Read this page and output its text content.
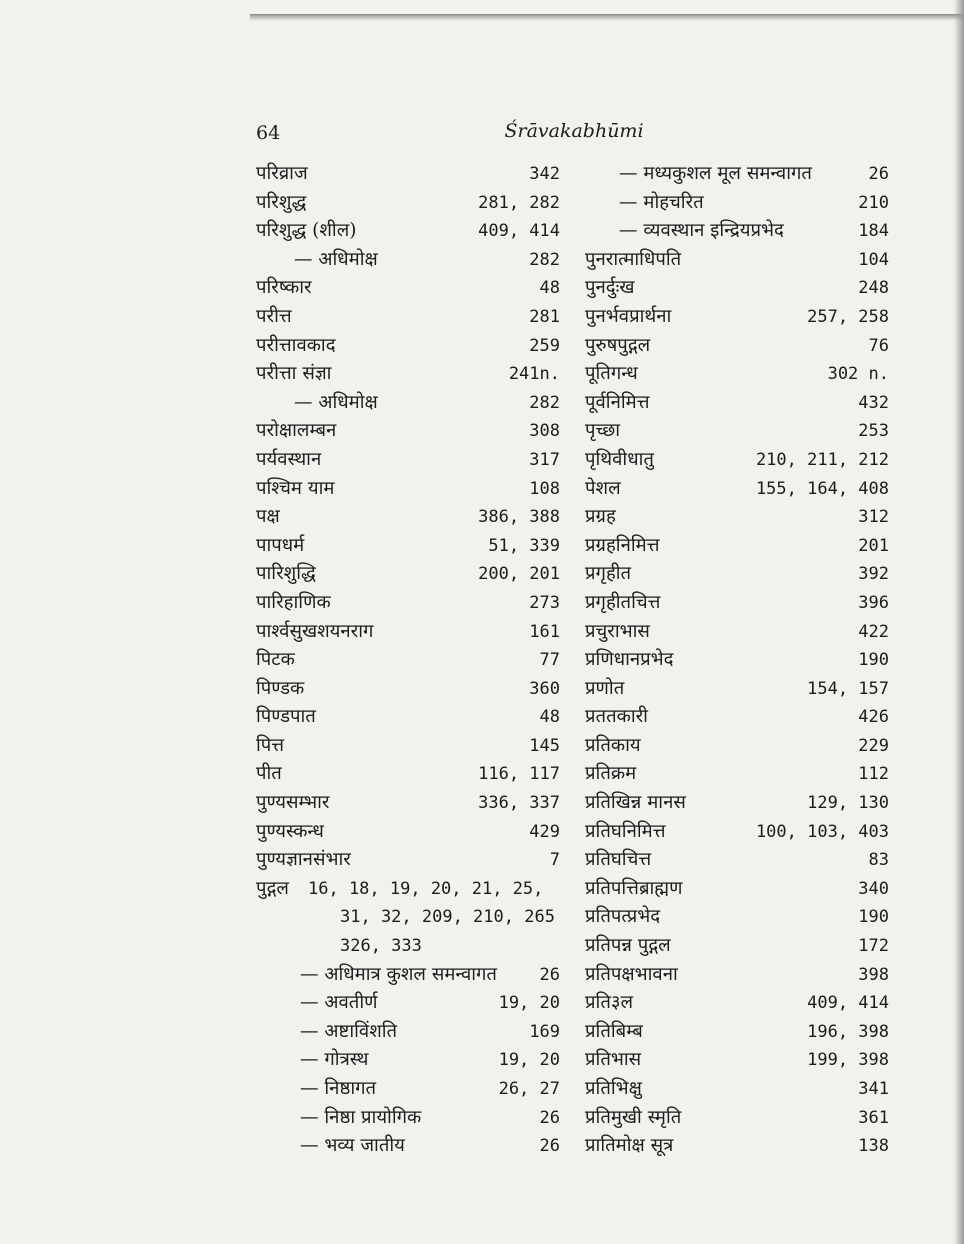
64	Śrāvakabhūmi
परिव्राज	342
परिशुद्ध	281, 282
परिशुद्ध (शील)	409, 414
— अधिमोक्ष	282
परिष्कार	48
परीत्त	281
परीत्तावकाद	259
परीत्ता संज्ञा	241n.
— अधिमोक्ष	282
परोक्षालम्बन	308
पर्यवस्थान	317
पश्चिम याम	108
पक्ष	386, 388
पापधर्म	51, 339
पारिशुद्धि	200, 201
पारिहाणिक	273
पार्श्वसुखशयनराग	161
पिटक	77
पिण्डक	360
पिण्डपात	48
पित्त	145
पीत	116, 117
पुण्यसम्भार	336, 337
पुण्यस्कन्ध	429
पुण्यज्ञानसंभार	7
पुद्गल 16, 18, 19, 20, 21, 25,
31, 32, 209, 210, 265
326, 333
— अधिमात्र कुशल समन्वागत	26
— अवतीर्ण	19, 20
— अष्टाविंशति	169
— गोत्रस्थ	19, 20
— निष्ठागत	26, 27
— निष्ठा प्रायोगिक	26
— भव्य जातीय	26
— मध्यकुशल मूल समन्वागत	26
— मोहचरित	210
— व्यवस्थान इन्द्रियप्रभेद	184
पुनरात्माधिपति	104
पुनर्दुःख	248
पुनर्भवप्रार्थना	257, 258
पुरुषपुद्गल	76
पूतिगन्ध	302 n.
पूर्वनिमित्त	432
पृच्छा	253
पृथिवीधातु	210, 211, 212
पेशल	155, 164, 408
प्रग्रह	312
प्रग्रहनिमित्त	201
प्रगृहीत	392
प्रगृहीतचित्त	396
प्रचुराभास	422
प्रणिधानप्रभेद	190
प्रणोत	154, 157
प्रततकारी	426
प्रतिकाय	229
प्रतिक्रम	112
प्रतिखिन्न मानस	129, 130
प्रतिघनिमित्त	100, 103, 403
प्रतिघचित्त	83
प्रतिपत्तिब्राह्मण	340
प्रतिपत्प्रभेद	190
प्रतिपन्न पुद्गल	172
प्रतिपक्षभावना	398
प्रति३ल	409, 414
प्रतिबिम्ब	196, 398
प्रतिभास	199, 398
प्रतिभिक्षु	341
प्रतिमुखी स्मृति	361
प्रातिमोक्ष सूत्र	138
